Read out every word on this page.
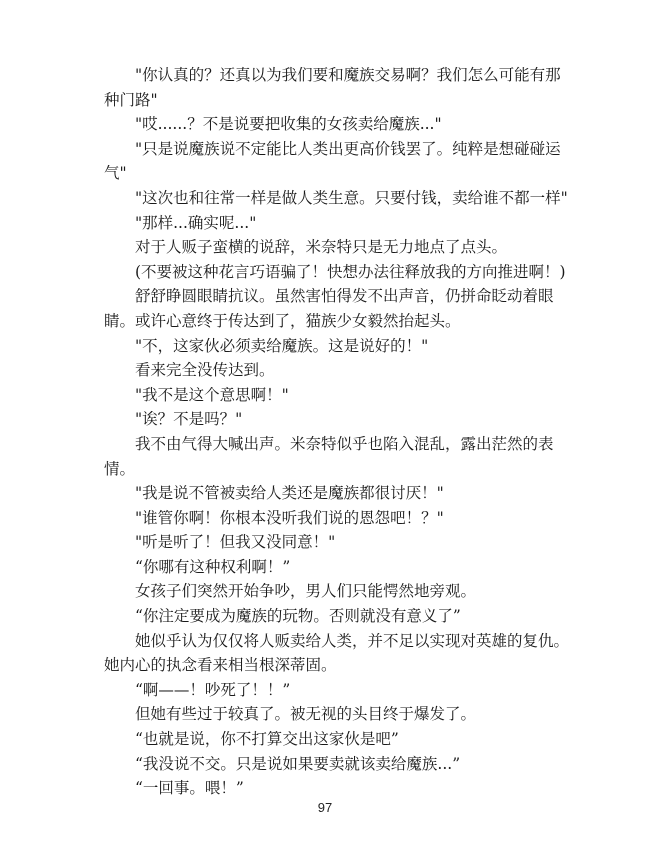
"你认真的？还真以为我们要和魔族交易啊？我们怎么可能有那种门路"

"哎......？不是说要把收集的女孩卖给魔族..."

"只是说魔族说不定能比人类出更高价钱罢了。纯粹是想碰碰运气"

"这次也和往常一样是做人类生意。只要付钱，卖给谁不都一样"

"那样...确实呢..."

对于人贩子蛮横的说辞，米奈特只是无力地点了点头。

(不要被这种花言巧语骗了！快想办法往释放我的方向推进啊！)

舒舒睁圆眼睛抗议。虽然害怕得发不出声音，仍拼命眨动着眼睛。或许心意终于传达到了，猫族少女毅然抬起头。

"不，这家伙必须卖给魔族。这是说好的！"

看来完全没传达到。

"我不是这个意思啊！"

"诶？不是吗？"

我不由气得大喊出声。米奈特似乎也陷入混乱，露出茫然的表情。

"我是说不管被卖给人类还是魔族都很讨厌！"

"谁管你啊！你根本没听我们说的恩怨吧！？"

"听是听了！但我又没同意！"

“你哪有这种权利啊！”

女孩子们突然开始争吵，男人们只能愕然地旁观。

“你注定要成为魔族的玩物。否则就没有意义了”

她似乎认为仅仅将人贩卖给人类，并不足以实现对英雄的复仇。她内心的执念看来相当根深蒂固。

“啊——！吵死了！！”

但她有些过于较真了。被无视的头目终于爆发了。

“也就是说，你不打算交出这家伙是吧”

“我没说不交。只是说如果要卖就该卖给魔族...”

“一回事。喂！”

97
